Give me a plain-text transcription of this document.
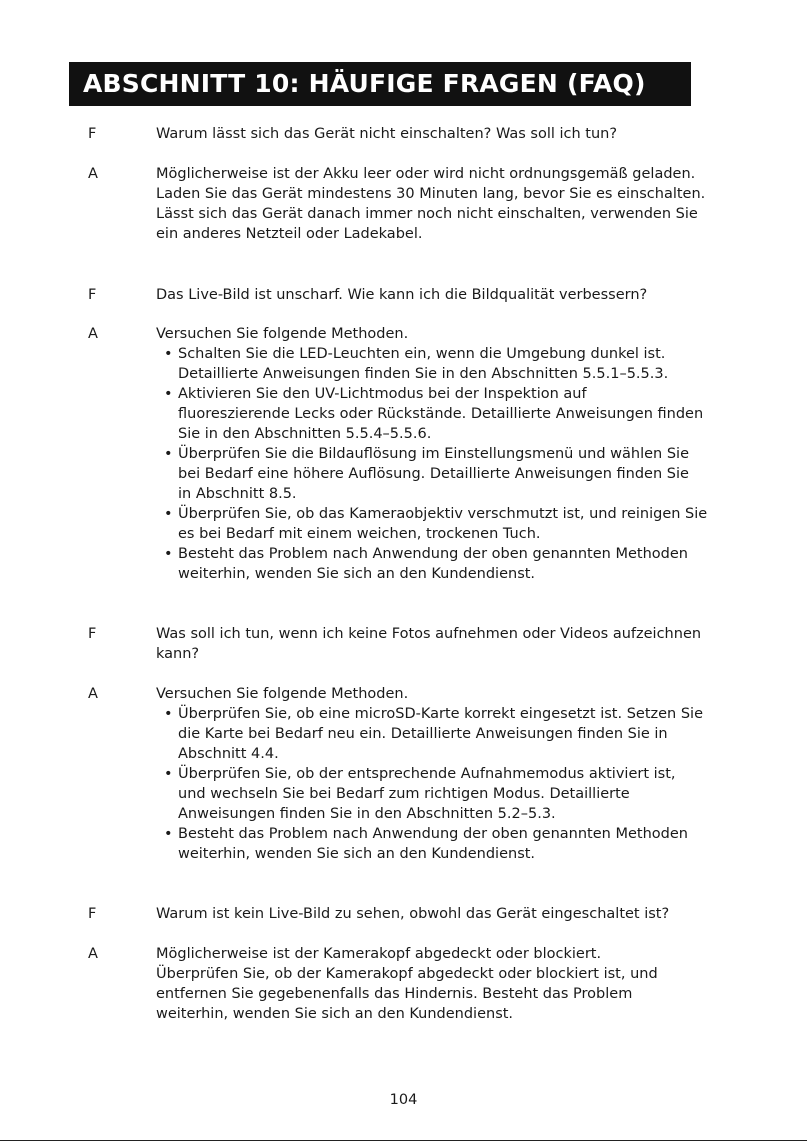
ABSCHNITT 10: HÄUFIGE FRAGEN (FAQ)
F	Warum lässt sich das Gerät nicht einschalten? Was soll ich tun?
A	Möglicherweise ist der Akku leer oder wird nicht ordnungsgemäß geladen.
Laden Sie das Gerät mindestens 30 Minuten lang, bevor Sie es einschalten.
Lässt sich das Gerät danach immer noch nicht einschalten, verwenden Sie
ein anderes Netzteil oder Ladekabel.
F	Das Live-Bild ist unscharf. Wie kann ich die Bildqualität verbessern?
A	Versuchen Sie folgende Methoden.
• Schalten Sie die LED-Leuchten ein, wenn die Umgebung dunkel ist.
Detaillierte Anweisungen finden Sie in den Abschnitten 5.5.1–5.5.3.
• Aktivieren Sie den UV-Lichtmodus bei der Inspektion auf
fluoreszierende Lecks oder Rückstände. Detaillierte Anweisungen finden
Sie in den Abschnitten 5.5.4–5.5.6.
• Überprüfen Sie die Bildauflösung im Einstellungsmenü und wählen Sie
bei Bedarf eine höhere Auflösung. Detaillierte Anweisungen finden Sie
in Abschnitt 8.5.
• Überprüfen Sie, ob das Kameraobjektiv verschmutzt ist, und reinigen Sie
es bei Bedarf mit einem weichen, trockenen Tuch.
• Besteht das Problem nach Anwendung der oben genannten Methoden
weiterhin, wenden Sie sich an den Kundendienst.
F	Was soll ich tun, wenn ich keine Fotos aufnehmen oder Videos aufzeichnen
kann?
A	Versuchen Sie folgende Methoden.
• Überprüfen Sie, ob eine microSD-Karte korrekt eingesetzt ist. Setzen Sie
die Karte bei Bedarf neu ein. Detaillierte Anweisungen finden Sie in
Abschnitt 4.4.
• Überprüfen Sie, ob der entsprechende Aufnahmemodus aktiviert ist,
und wechseln Sie bei Bedarf zum richtigen Modus. Detaillierte
Anweisungen finden Sie in den Abschnitten 5.2–5.3.
• Besteht das Problem nach Anwendung der oben genannten Methoden
weiterhin, wenden Sie sich an den Kundendienst.
F	Warum ist kein Live-Bild zu sehen, obwohl das Gerät eingeschaltet ist?
A	Möglicherweise ist der Kamerakopf abgedeckt oder blockiert.
Überprüfen Sie, ob der Kamerakopf abgedeckt oder blockiert ist, und
entfernen Sie gegebenenfalls das Hindernis. Besteht das Problem
weiterhin, wenden Sie sich an den Kundendienst.
104
